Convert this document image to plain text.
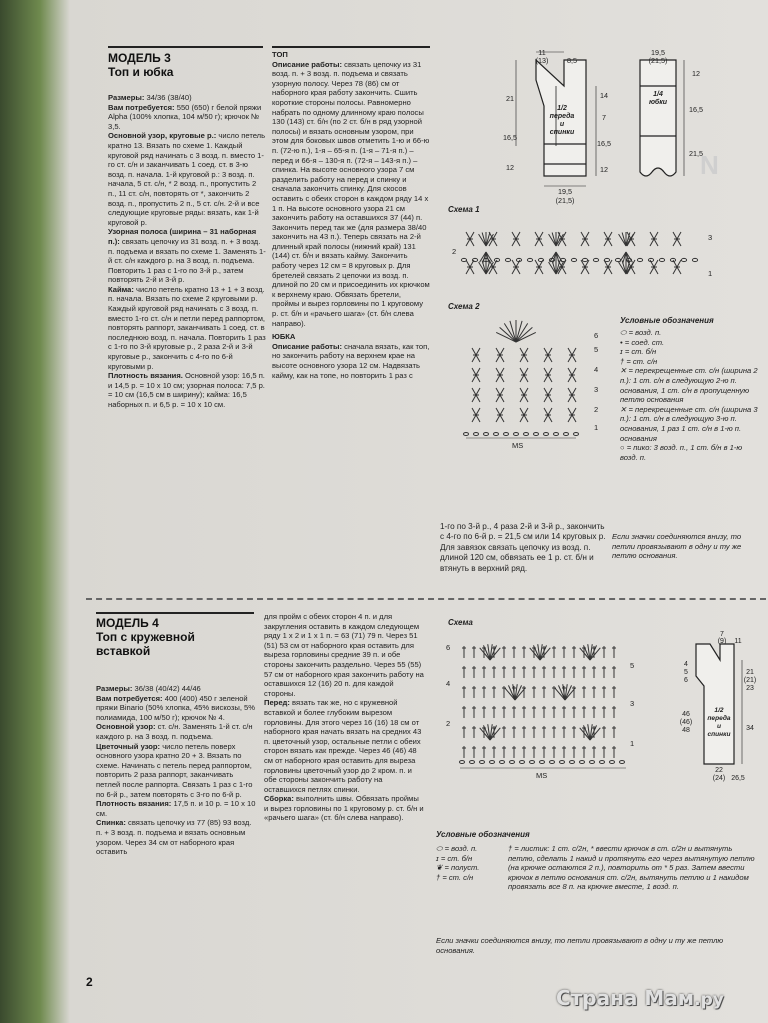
МОДЕЛЬ 3
Топ и юбка

Размеры: 34/36 (38/40)

Вам потребуется: 550 (650) г белой пряжи Alpha (100% хлопка, 104 м/50 г); крючок № 3,5.

Основной узор, круговые р.: число петель кратно 13. Вязать по схеме 1. Каждый круговой ряд начинать с 3 возд. п. вместо 1-го ст. с/н и заканчивать 1 соед. ст. в 3-ю возд. п. начала. 1-й круговой р.: 3 возд. п. начала, 5 ст. с/н, * 2 возд. п., пропустить 2 п., 11 ст. с/н, повторять от *, закончить 2 возд. п., пропустить 2 п., 5 ст. с/н. 2-й и все следующие круговые ряды: вязать, как 1-й круговой р.

Узорная полоса (ширина – 31 наборная п.): связать цепочку из 31 возд. п. + 3 возд. п. подъема и вязать по схеме 1. Заменять 1-й ст. с/н каждого р. на 3 возд. п. подъема. Повторить 1 раз с 1-го по 3-й р., затем повторять 2-й и 3-й р.

Кайма: число петель кратно 13 + 1 + 3 возд. п. начала. Вязать по схеме 2 круговыми р. Каждый круговой ряд начинать с 3 возд. п. вместо 1-го ст. с/н и петли перед раппортом, повторять раппорт, заканчивать 1 соед. ст. в последнюю возд. п. начала. Повторить 1 раз с 1-го по 3-й круговые р., 2 раза 2-й и 3-й круговые р., закончить с 4-го по 6-й круговыми р.

Плотность вязания. Основной узор: 16,5 п. и 14,5 р. = 10 х 10 см; узорная полоса: 7,5 р. = 10 см (16,5 см в ширину); кайма: 16,5 наборных п. и 6,5 р. = 10 х 10 см.

ТОП

Описание работы: связать цепочку из 31 возд. п. + 3 возд. п. подъема и связать узорную полосу. Через 78 (86) см от наборного края работу закончить. Сшить короткие стороны полосы. Равномерно набрать по одному длинному краю полосы 130 (143) ст. б/н (по 2 ст. б/н в ряд узорной полосы) и вязать основным узором, при этом для боковых швов отметить 1-ю и 66-ю п. (72-ю п.), 1-я – 65-я п. (1-я – 71-я п.) – перед и 66-я – 130-я п. (72-я – 143-я п.) – спинка. На высоте основного узора 7 см разделить работу на перед и спинку и сначала закончить спинку. Для скосов оставить с обеих сторон в каждом ряду 14 х 1 п. На высоте основного узора 21 см закончить работу на оставшихся 37 (44) п. Закончить перед так же (для размера 38/40 закончить на 43 п.). Теперь связать на 2-й длинный край полосы (нижний край) 131 (144) ст. б/н и вязать кайму. Закончить работу через 12 см = 8 круговых р. Для бретелей связать 2 цепочки из возд. п. длиной по 20 см и присоединить их крючком к верхнему краю. Обвязать бретели, проймы и вырез горловины по 1 круговому р. ст. б/н и «рачьего шага» (ст. б/н слева направо).

ЮБКА

Описание работы: сначала вязать, как топ, но закончить работу на верхнем крае на высоте основного узора 12 см. Надвязать кайму, как на топе, но повторить 1 раз с

11
(13)	8,5
21	14
7
16,5
16,5
12	12
19,5
(21,5)
1/2
переда
и
спинки
19,5
(21,5)
12
16,5
21,5
1/4
юбки
Схема 1
3
2
1
Схема 2
6
5
4
3
2
1
MS
Условные обозначения
⬭ = возд. п.
• = соед. ст.
ɪ = ст. б/н
† = ст. с/н
✕ = перекрещенные ст. с/н (ширина 2 п.): 1 ст. с/н в следующую 2-ю п. основания, 1 ст. с/н в пропущенную петлю основания
✕ = перекрещенные ст. с/н (ширина 3 п.): 1 ст. с/н в следующую 3-ю п. основания, 1 раз 1 ст. с/н в 1-ю п. основания
○ = пико: 3 возд. п., 1 ст. б/н в 1-ю возд. п.
Если значки соединяются внизу, то петли провязывают в одну и ту же петлю основания.
1-го по 3-й р., 4 раза 2-й и 3-й р., закончить с 4-го по 6-й р. = 21,5 см или 14 круговых р. Для завязок связать цепочку из возд. п. длиной 120 см, обвязать ее 1 р. ст. б/н и втянуть в верхний ряд.
МОДЕЛЬ 4
Топ с кружевной
вставкой

Размеры: 36/38 (40/42) 44/46

Вам потребуется: 400 (400) 450 г зеленой пряжи Binario (50% хлопка, 45% вискозы, 5% полиамида, 100 м/50 г); крючок № 4.

Основной узор: ст. с/н. Заменять 1-й ст. с/н каждого р. на 3 возд. п. подъема.

Цветочный узор: число петель поверх основного узора кратно 20 + 3. Вязать по схеме. Начинать с петель перед раппортом, повторить 2 раза раппорт, заканчивать петлей после раппорта. Связать 1 раз с 1-го по 6-й р., затем повторять с 3-го по 6-й р.

Плотность вязания: 17,5 п. и 10 р. = 10 х 10 см.

Спинка: связать цепочку из 77 (85) 93 возд. п. + 3 возд. п. подъема и вязать основным узором. Через 34 см от наборного края оставить

для пройм с обеих сторон 4 п. и для закругления оставить в каждом следующем ряду 1 х 2 и 1 х 1 п. = 63 (71) 79 п. Через 51 (51) 53 см от наборного края оставить для выреза горловины средние 39 п. и обе стороны закончить раздельно. Через 55 (55) 57 см от наборного края закончить работу на оставшихся 12 (16) 20 п. для каждой стороны.

Перед: вязать так же, но с кружевной вставкой и более глубоким вырезом горловины. Для этого через 16 (16) 18 см от наборного края начать вязать на средних 43 п. цветочный узор, остальные петли с обеих сторон вязать как прежде. Через 46 (46) 48 см от наборного края оставить для выреза горловины цветочный узор до 2 кром. п. и обе стороны закончить работу на оставшихся петлях спинки.

Сборка: выполнить швы. Обвязать проймы и вырез горловины по 1 круговому р. ст. б/н и «рачьего шага» (ст. б/н слева направо).

Схема
6
5
4
3
2
1
MS
7
(9) 11
4
5
6
21
(21)
23
46
(46)
48	34
22
(24) 26,5
1/2
переда
и
спинки
Условные обозначения
⬭ = возд. п.
ɪ = ст. б/н
❦ = полуст.
† = ст. с/н
† = листик: 1 ст. с/2н, * ввести крючок в ст. с/2н и вытянуть петлю, сделать 1 накид и протянуть его через вытянутую петлю (на крючке остаются 2 п.), повторить от * 5 раз. Затем ввести крючок в петлю основания ст. с/2н, вытянуть петлю и 1 накидом провязать все 8 п. на крючке вместе, 1 возд. п.
Если значки соединяются внизу, то петли провязывают в одну и ту же петлю основания.
N
2
Страна Мам.ру
